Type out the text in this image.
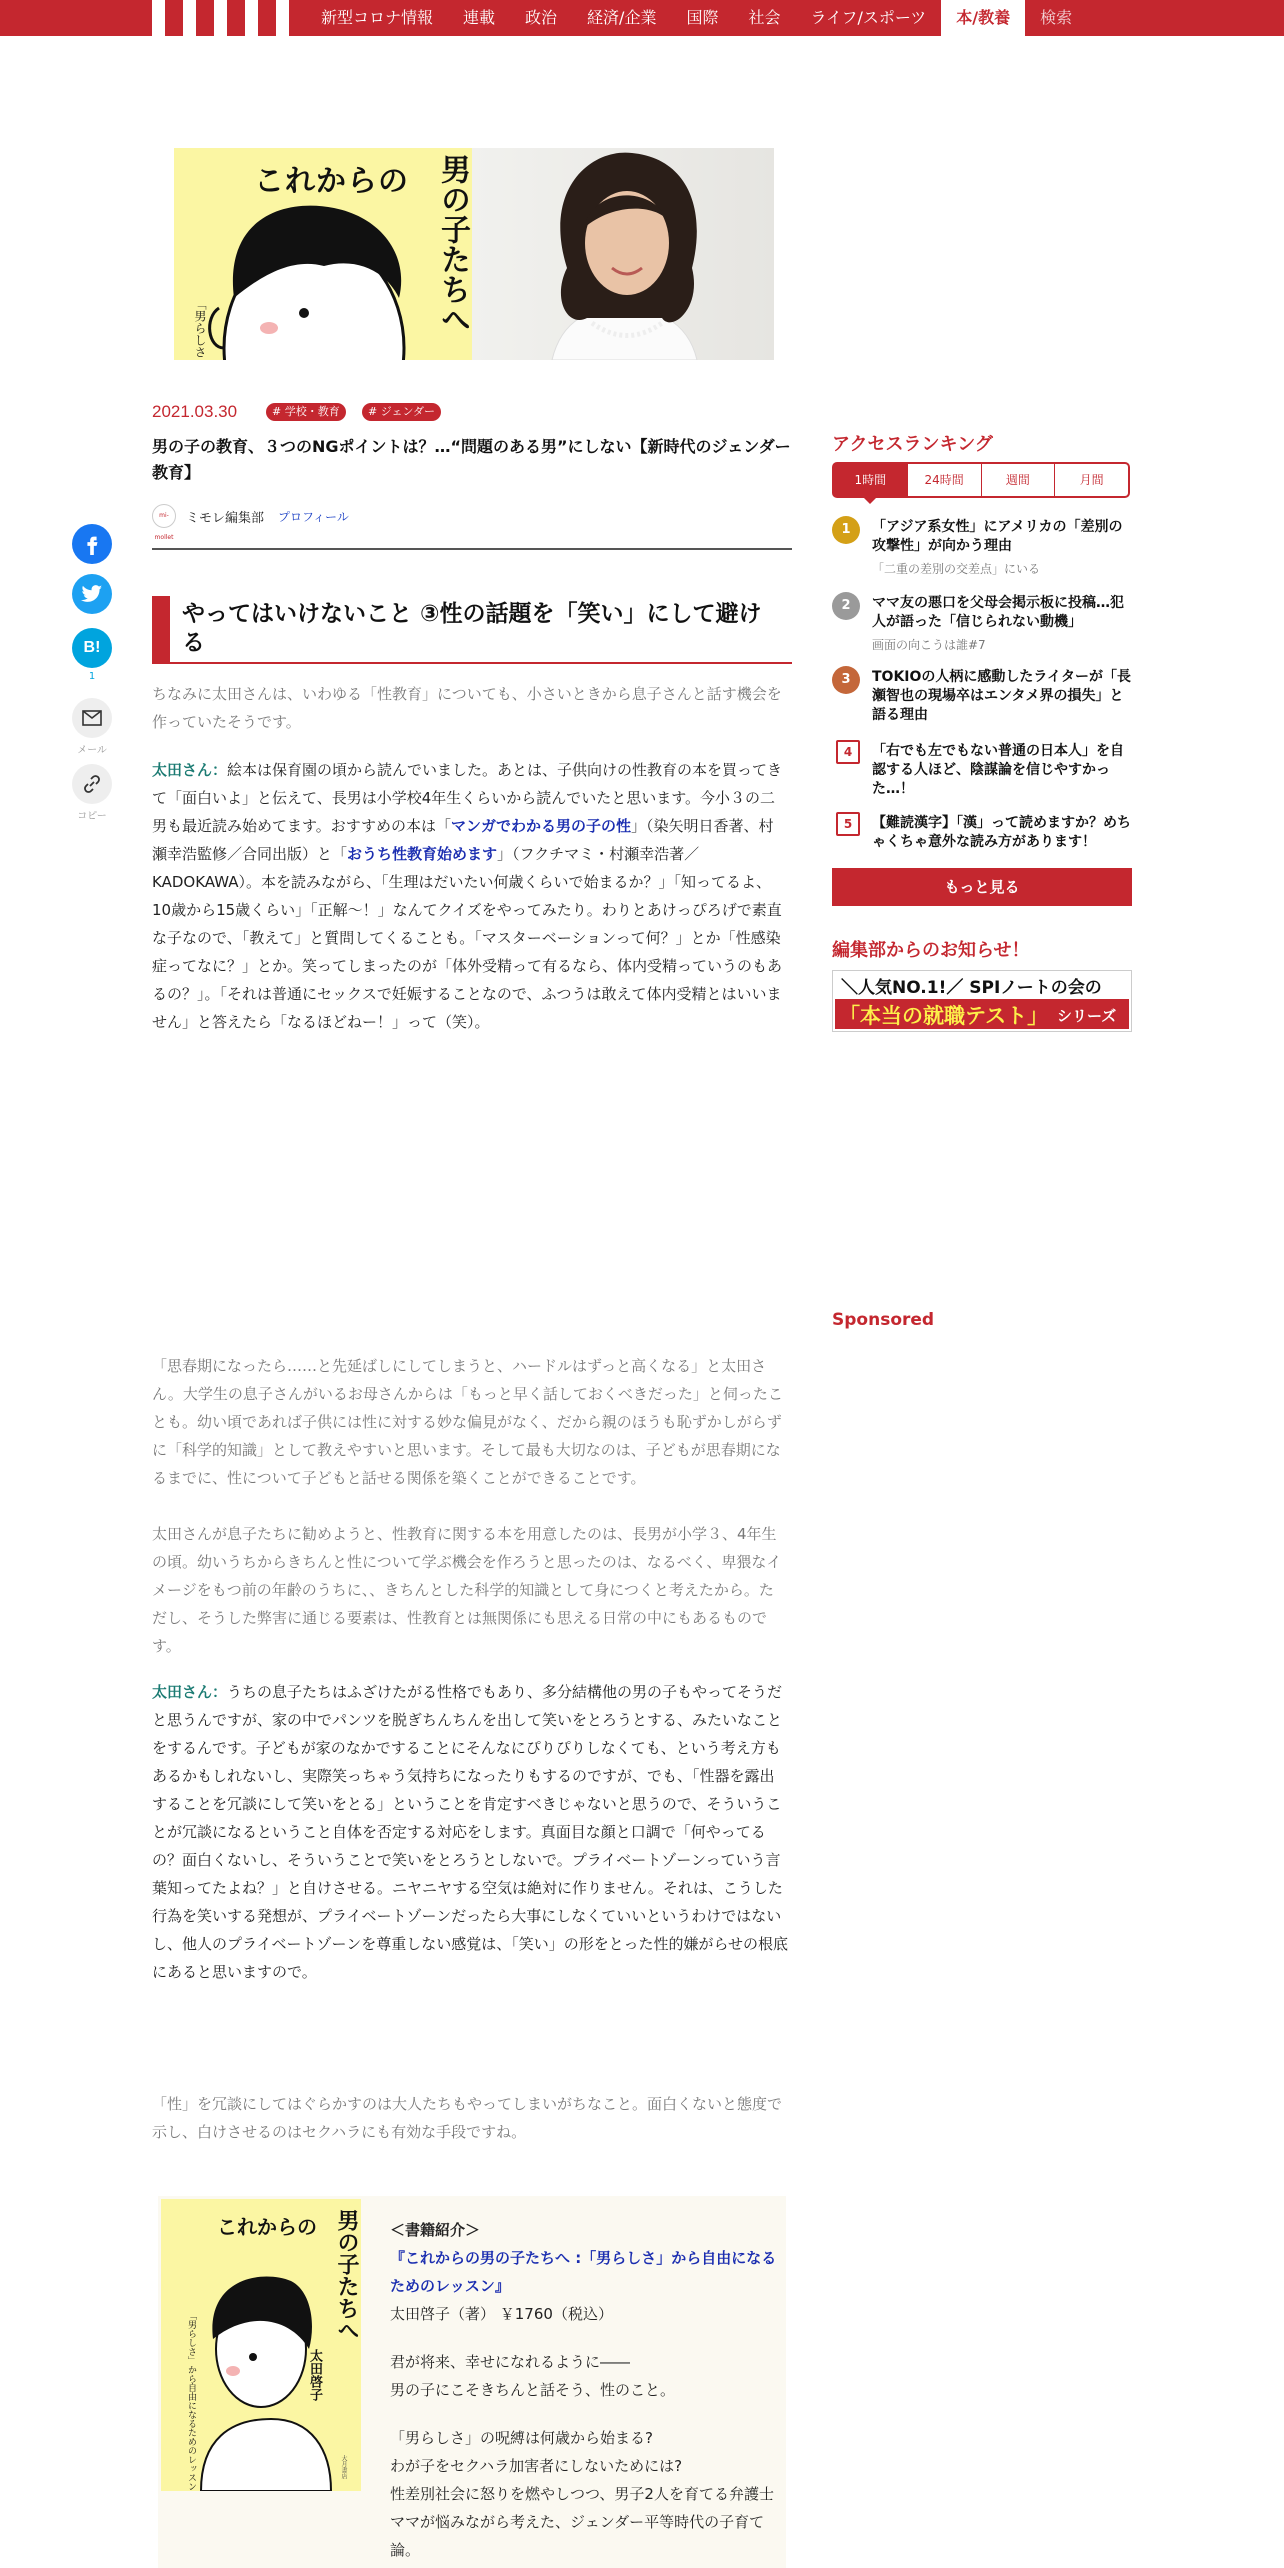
新型コロナ情報	連載	政治	経済/企業	国際	社会	ライフ/スポーツ	本/教養	検索
これからの 男の子たちへ
「男らしさ
2021.03.30	# 学校・教育	# ジェンダー
男の子の教育、３つのNGポイントは？…“問題のある男”にしない【新時代のジェンダー教育】
mi-mollet
ミモレ編集部 プロフィール
B!
1
メール
コピー
やってはいけないこと ③性の話題を「笑い」にして避ける
ちなみに太田さんは、いわゆる「性教育」についても、小さいときから息子さんと話す機会を作っていたそうです。
太田さん：絵本は保育園の頃から読んでいました。あとは、子供向けの性教育の本を買ってきて「面白いよ」と伝えて、長男は小学校4年生くらいから読んでいたと思います。今小３の二男も最近読み始めてます。おすすめの本は「マンガでわかる男の子の性」（染矢明日香著、村瀬幸浩監修／合同出版）と「おうち性教育始めます」（フクチマミ・村瀬幸浩著／KADOKAWA）。本を読みながら、「生理はだいたい何歳くらいで始まるか？」「知ってるよ、10歳から15歳くらい」「正解～！」なんてクイズをやってみたり。わりとあけっぴろげで素直な子なので、「教えて」と質問してくることも。「マスターベーションって何？」とか「性感染症ってなに？」とか。笑ってしまったのが「体外受精って有るなら、体内受精っていうのもあるの？」。「それは普通にセックスで妊娠することなので、ふつうは敢えて体内受精とはいいません」と答えたら「なるほどねー！」って（笑）。
「思春期になったら……と先延ばしにしてしまうと、ハードルはずっと高くなる」と太田さん。大学生の息子さんがいるお母さんからは「もっと早く話しておくべきだった」と伺ったことも。幼い頃であれば子供には性に対する妙な偏見がなく、だから親のほうも恥ずかしがらずに「科学的知識」として教えやすいと思います。そして最も大切なのは、子どもが思春期になるまでに、性について子どもと話せる関係を築くことができることです。
太田さんが息子たちに勧めようと、性教育に関する本を用意したのは、長男が小学３、4年生の頃。幼いうちからきちんと性について学ぶ機会を作ろうと思ったのは、なるべく、卑猥なイメージをもつ前の年齢のうちに、、きちんとした科学的知識として身につくと考えたから。ただし、そうした弊害に通じる要素は、性教育とは無関係にも思える日常の中にもあるものです。
太田さん：うちの息子たちはふざけたがる性格でもあり、多分結構他の男の子もやってそうだと思うんですが、家の中でパンツを脱ぎちんちんを出して笑いをとろうとする、みたいなことをするんです。子どもが家のなかですることにそんなにぴりぴりしなくても、という考え方もあるかもしれないし、実際笑っちゃう気持ちになったりもするのですが、でも、「性器を露出することを冗談にして笑いをとる」ということを肯定すべきじゃないと思うので、そういうことが冗談になるということ自体を否定する対応をします。真面目な顔と口調で「何やってるの？面白くないし、そういうことで笑いをとろうとしないで。プライベートゾーンっていう言葉知ってたよね？」と自けさせる。ニヤニヤする空気は絶対に作りません。それは、こうした行為を笑いする発想が、プライベートゾーンだったら大事にしなくていいというわけではないし、他人のプライベートゾーンを尊重しない感覚は、「笑い」の形をとった性的嫌がらせの根底にあると思いますので。
「性」を冗談にしてはぐらかすのは大人たちもやってしまいがちなこと。面白くないと態度で示し、白けさせるのはセクハラにも有効な手段ですね。
これからの 男の子たちへ
太田啓子
「男らしさ」から自由になるためのレッスン	大月書店
＜書籍紹介＞
『これからの男の子たちへ :「男らしさ」から自由になるためのレッスン』
太田啓子（著） ￥1760（税込）
君が将来、幸せになれるように――
男の子にこそきちんと話そう、性のこと。
「男らしさ」の呪縛は何歳から始まる?
わが子をセクハラ加害者にしないためには?
性差別社会に怒りを燃やしつつ、男子2人を育てる弁護士ママが悩みながら考えた、ジェンダー平等時代の子育て論。
アクセスランキング
1時間	24時間	週間	月間
1	「アジア系女性」にアメリカの「差別の攻撃性」が向かう理由
「二重の差別の交差点」にいる
2	ママ友の悪口を父母会掲示板に投稿…犯人が語った「信じられない動機」
画面の向こうは誰#7
3	TOKIOの人柄に感動したライターが「長瀬智也の現場卒はエンタメ界の損失」と語る理由
4	「右でも左でもない普通の日本人」を自認する人ほど、陰謀論を信じやすかった…！
5	【難読漢字】「漢」って読めますか？めちゃくちゃ意外な読み方があります！
もっと見る
編集部からのお知らせ！
＼人気NO.1!／ SPIノートの会の
「本当の就職テスト」 シリーズ
Sponsored
